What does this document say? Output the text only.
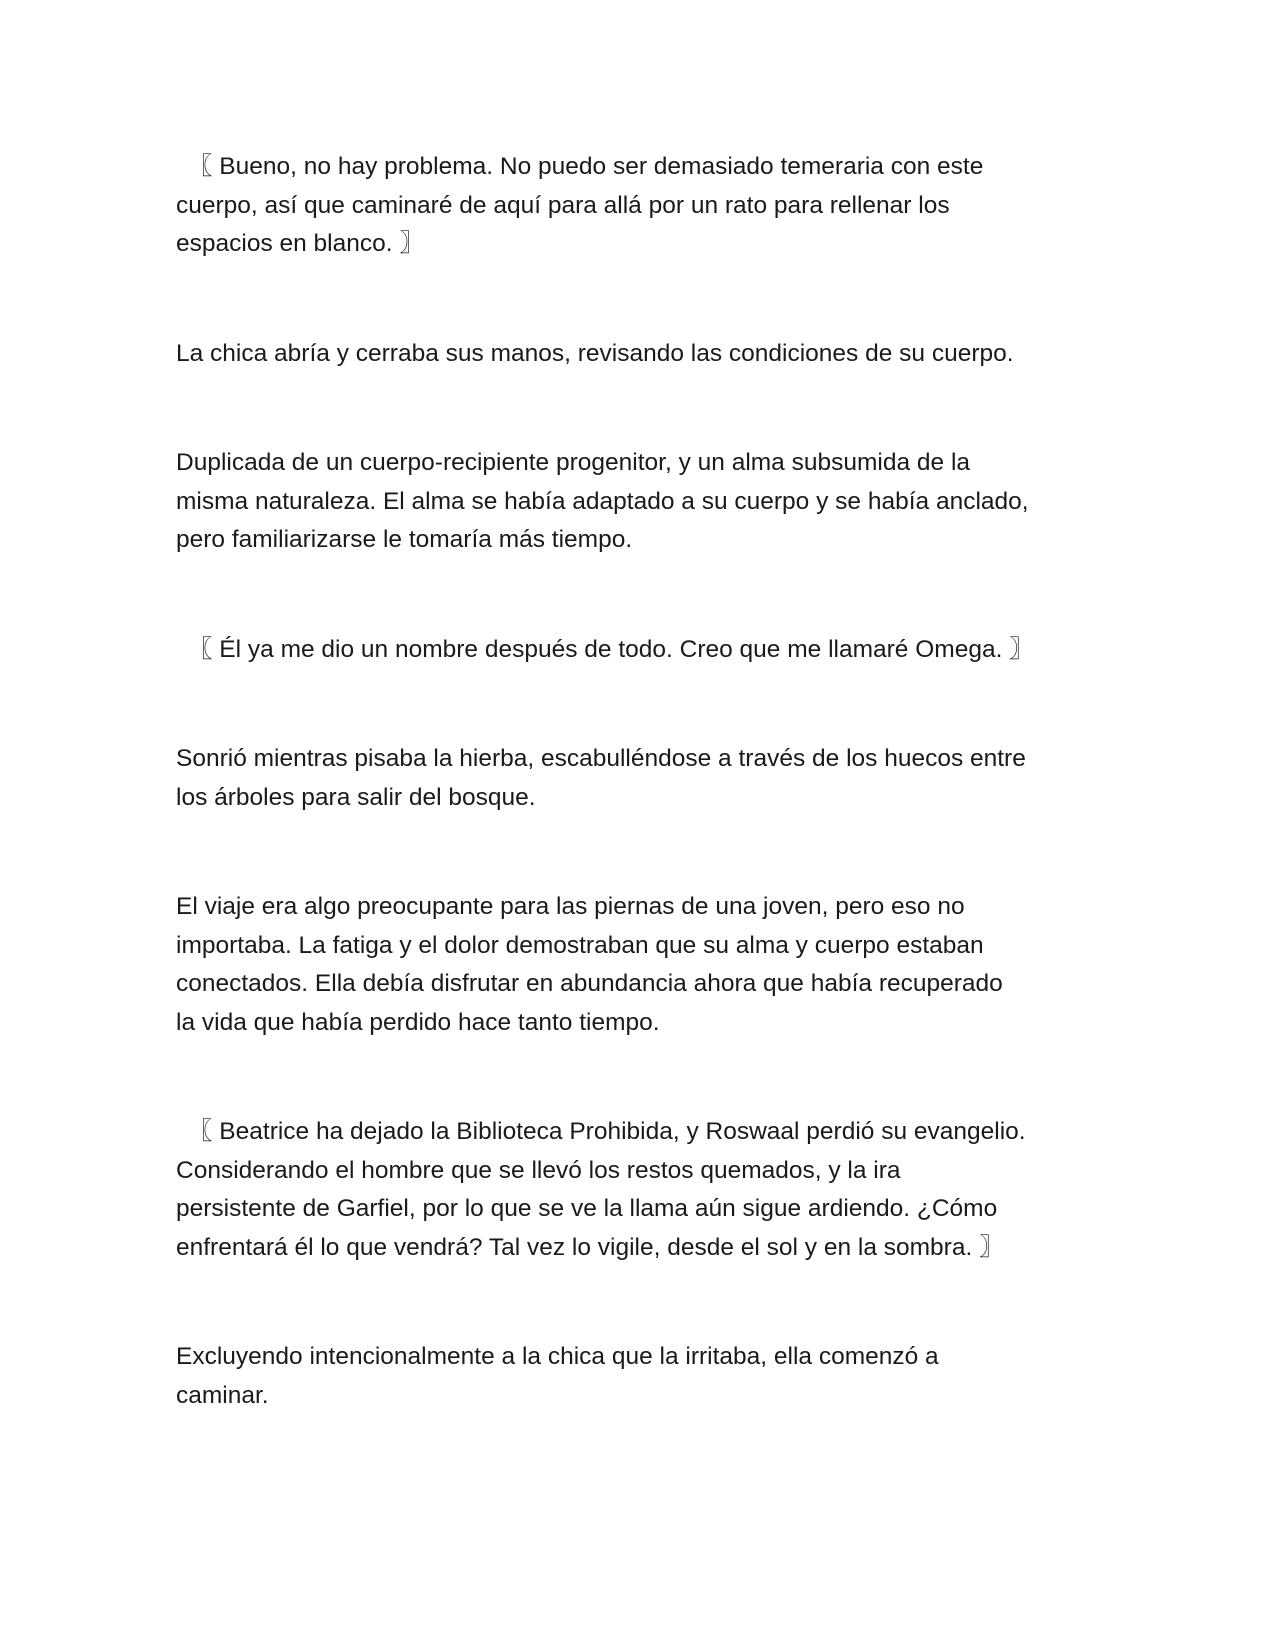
〖 Bueno, no hay problema. No puedo ser demasiado temeraria con este
cuerpo, así que caminaré de aquí para allá por un rato para rellenar los
espacios en blanco. 〗

La chica abría y cerraba sus manos, revisando las condiciones de su cuerpo.

Duplicada de un cuerpo-recipiente progenitor, y un alma subsumida de la
misma naturaleza. El alma se había adaptado a su cuerpo y se había anclado,
pero familiarizarse le tomaría más tiempo.

〖 Él ya me dio un nombre después de todo. Creo que me llamaré Omega. 〗

Sonrió mientras pisaba la hierba, escabulléndose a través de los huecos entre
los árboles para salir del bosque.

El viaje era algo preocupante para las piernas de una joven, pero eso no
importaba. La fatiga y el dolor demostraban que su alma y cuerpo estaban
conectados. Ella debía disfrutar en abundancia ahora que había recuperado
la vida que había perdido hace tanto tiempo.

〖 Beatrice ha dejado la Biblioteca Prohibida, y Roswaal perdió su evangelio.
Considerando el hombre que se llevó los restos quemados, y la ira
persistente de Garfiel, por lo que se ve la llama aún sigue ardiendo. ¿Cómo
enfrentará él lo que vendrá? Tal vez lo vigile, desde el sol y en la sombra. 〗

Excluyendo intencionalmente a la chica que la irritaba, ella comenzó a
caminar.
